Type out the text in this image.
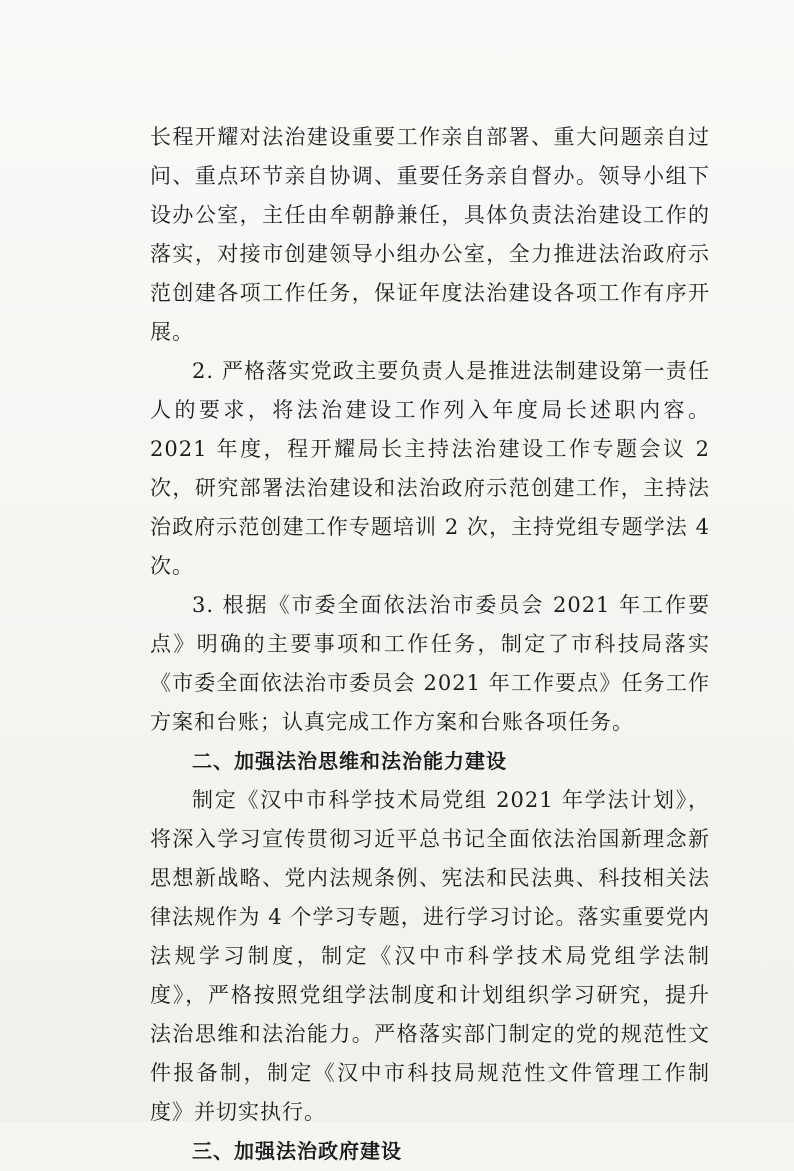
长程开耀对法治建设重要工作亲自部署、重大问题亲自过问、重点环节亲自协调、重要任务亲自督办。领导小组下设办公室，主任由牟朝静兼任，具体负责法治建设工作的落实，对接市创建领导小组办公室，全力推进法治政府示范创建各项工作任务，保证年度法治建设各项工作有序开展。

2. 严格落实党政主要负责人是推进法制建设第一责任人的要求，将法治建设工作列入年度局长述职内容。2021 年度，程开耀局长主持法治建设工作专题会议 2 次，研究部署法治建设和法治政府示范创建工作，主持法治政府示范创建工作专题培训 2 次，主持党组专题学法 4 次。

3. 根据《市委全面依法治市委员会 2021 年工作要点》明确的主要事项和工作任务，制定了市科技局落实《市委全面依法治市委员会 2021 年工作要点》任务工作方案和台账；认真完成工作方案和台账各项任务。

二、加强法治思维和法治能力建设

制定《汉中市科学技术局党组 2021 年学法计划》，将深入学习宣传贯彻习近平总书记全面依法治国新理念新思想新战略、党内法规条例、宪法和民法典、科技相关法律法规作为 4 个学习专题，进行学习讨论。落实重要党内法规学习制度，制定《汉中市科学技术局党组学法制度》，严格按照党组学法制度和计划组织学习研究，提升法治思维和法治能力。严格落实部门制定的党的规范性文件报备制，制定《汉中市科技局规范性文件管理工作制度》并切实执行。

三、加强法治政府建设
